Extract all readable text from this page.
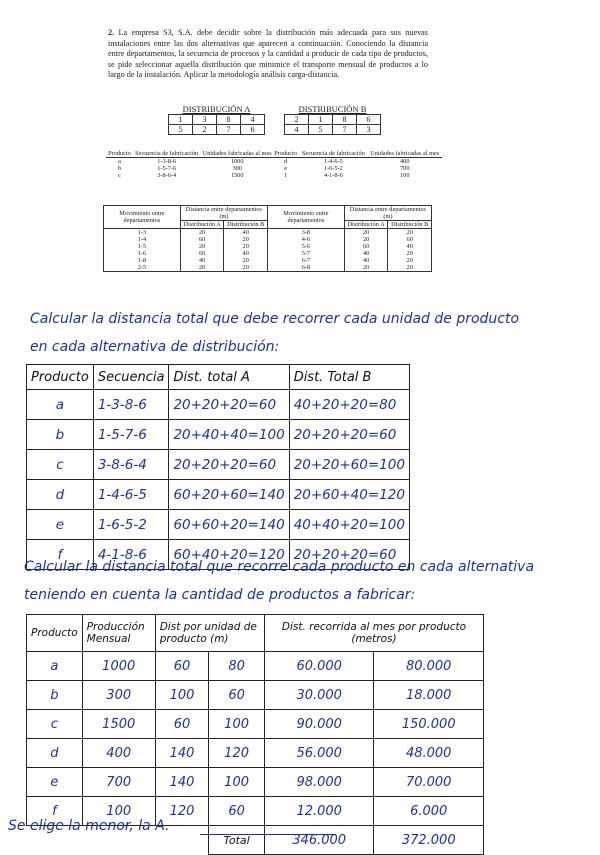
2. La empresa S3, S.A. debe decidir sobre la distribución más adecuada para sus nuevas instalaciones entre las dos alternativas que aparecen a continuación. Conociendo la distancia entre departamentos, la secuencia de procesos y la cantidad a producir de cada tipo de productos, se pide seleccionar aquella distribución que minimice el transporte mensual de productos a lo largo de la instalación. Aplicar la metodología análisis carga-distancia.
DISTRIBUCIÓN A
1	3	8	4
5	2	7	6
DISTRIBUCIÓN B
2	1	8	6
4	5	7	3
Producto	Secuencia de fabricación	Unidades fabricadas al mes
a	1-3-8-6	1000
b	1-5-7-6	300
c	3-8-6-4	1500
Producto	Secuencia de fabricación	Unidades fabricadas al mes
d	1-4-6-5	400
e	1-6-5-2	700
f	4-1-8-6	100
Movimiento entre departamentos	Distancia entre departamentos (m)		Movimiento entre departamentos	Distancia entre departamentos (m)	
	Distribución A	Distribución B		Distribución A	Distribución B
1-3	20	40	3-8	20	20
1-4	60	20	4-6	20	60
1-5	20	20	5-6	60	40
1-6	60	40	5-7	40	20
1-8	40	20	6-7	40	20
2-5	20	20	6-8	20	20
Calcular la distancia total que debe recorrer cada unidad de producto
en cada alternativa de distribución:
Producto	Secuencia	Dist. total A	Dist. Total B
a	1-3-8-6	20+20+20=60	40+20+20=80
b	1-5-7-6	20+40+40=100	20+20+20=60
c	3-8-6-4	20+20+20=60	20+20+60=100
d	1-4-6-5	60+20+60=140	20+60+40=120
e	1-6-5-2	60+60+20=140	40+40+20=100
f	4-1-8-6	60+40+20=120	20+20+20=60
Calcular la distancia total que recorre cada producto en cada alternativa
teniendo en cuenta la cantidad de productos a fabricar:
Producto	Producción Mensual	Dist por unidad de producto (m)		Dist. recorrida al mes por producto (metros)	
a	1000	60	80	60.000	80.000
b	300	100	60	30.000	18.000
c	1500	60	100	90.000	150.000
d	400	140	120	56.000	48.000
e	700	140	100	98.000	70.000
f	100	120	60	12.000	6.000
			Total	346.000	372.000
Se elige la menor, la A.
